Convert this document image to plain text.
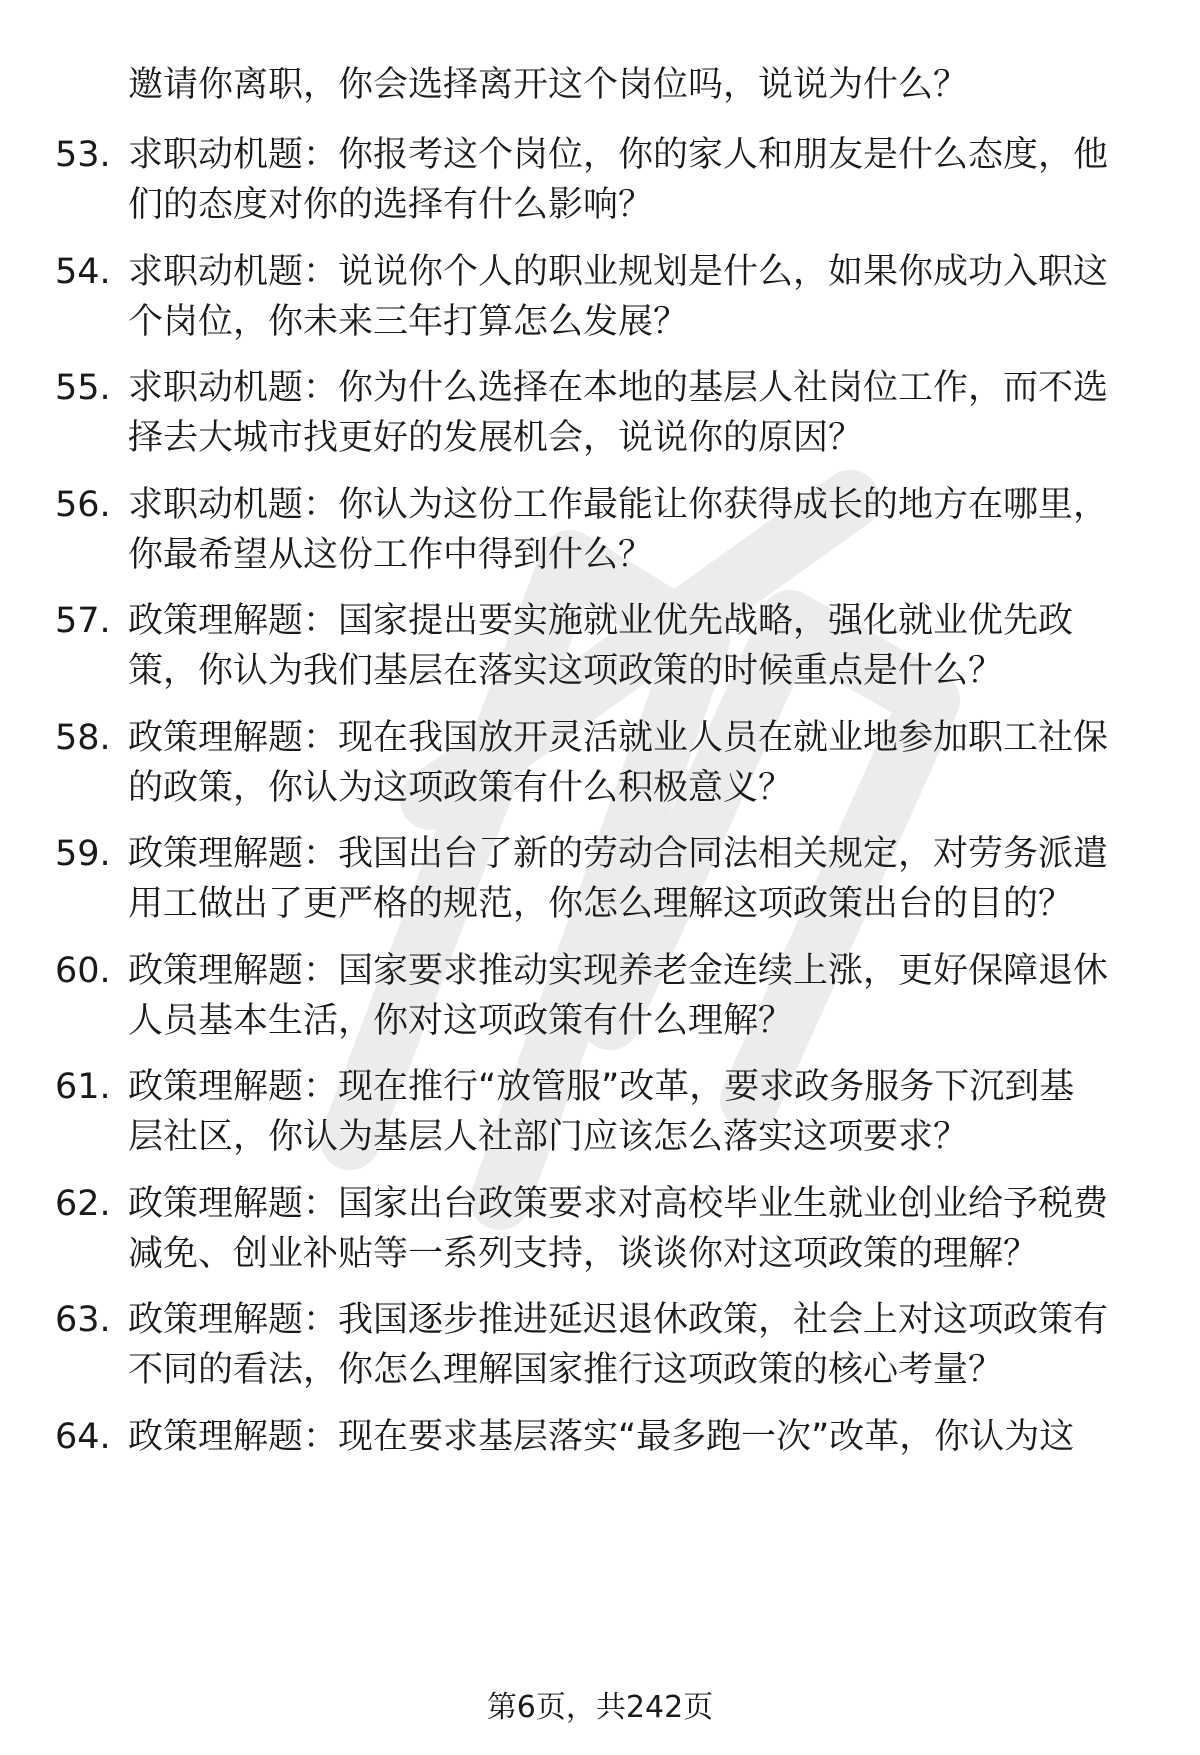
邀请你离职，你会选择离开这个岗位吗，说说为什么？
53. 求职动机题：你报考这个岗位，你的家人和朋友是什么态度，他
们的态度对你的选择有什么影响？
54. 求职动机题：说说你个人的职业规划是什么，如果你成功入职这
个岗位，你未来三年打算怎么发展？
55. 求职动机题：你为什么选择在本地的基层人社岗位工作，而不选
择去大城市找更好的发展机会，说说你的原因？
56. 求职动机题：你认为这份工作最能让你获得成长的地方在哪里，
你最希望从这份工作中得到什么？
57. 政策理解题：国家提出要实施就业优先战略，强化就业优先政
策，你认为我们基层在落实这项政策的时候重点是什么？
58. 政策理解题：现在我国放开灵活就业人员在就业地参加职工社保
的政策，你认为这项政策有什么积极意义？
59. 政策理解题：我国出台了新的劳动合同法相关规定，对劳务派遣
用工做出了更严格的规范，你怎么理解这项政策出台的目的？
60. 政策理解题：国家要求推动实现养老金连续上涨，更好保障退休
人员基本生活，你对这项政策有什么理解？
61. 政策理解题：现在推行“放管服”改革，要求政务服务下沉到基
层社区，你认为基层人社部门应该怎么落实这项要求？
62. 政策理解题：国家出台政策要求对高校毕业生就业创业给予税费
减免、创业补贴等一系列支持，谈谈你对这项政策的理解？
63. 政策理解题：我国逐步推进延迟退休政策，社会上对这项政策有
不同的看法，你怎么理解国家推行这项政策的核心考量？
64. 政策理解题：现在要求基层落实“最多跑一次”改革，你认为这
第6页，共242页
